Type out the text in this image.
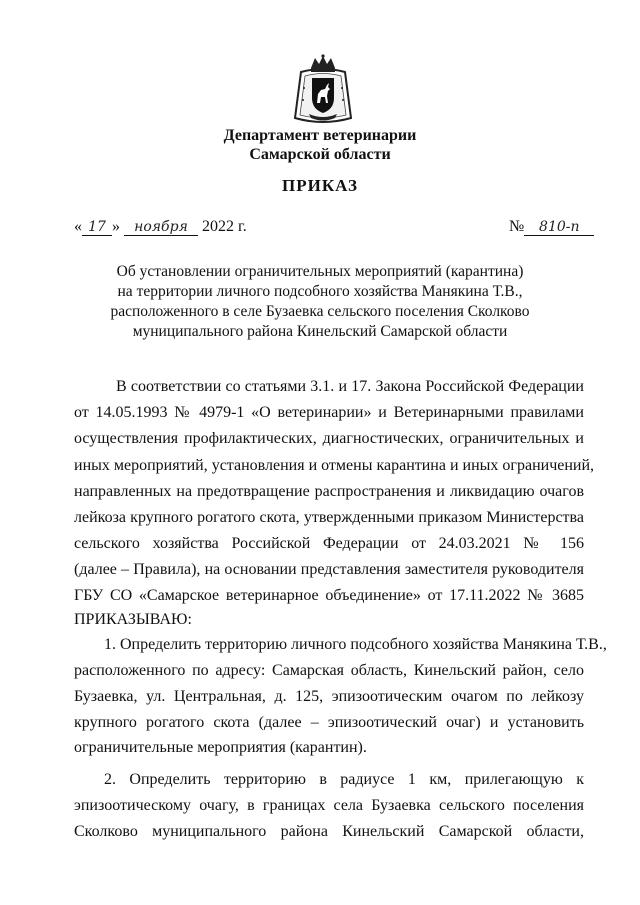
Департамент ветеринарии
Самарской области
ПРИКАЗ
« 17 » ноября 2022 г.	№ 810-п
Об установлении ограничительных мероприятий (карантина)
на территории личного подсобного хозяйства Манякина Т.В.,
расположенного в селе Бузаевка сельского поселения Сколково
муниципального района Кинельский Самарской области
В соответствии со статьями 3.1. и 17. Закона Российской Федерации
от 14.05.1993 № 4979-1 «О ветеринарии» и Ветеринарными правилами
осуществления профилактических, диагностических, ограничительных и
иных мероприятий, установления и отмены карантина и иных ограничений,
направленных на предотвращение распространения и ликвидацию очагов
лейкоза крупного рогатого скота, утвержденными приказом Министерства
сельского хозяйства Российской Федерации от 24.03.2021 № 156
(далее – Правила), на основании представления заместителя руководителя
ГБУ СО «Самарское ветеринарное объединение» от 17.11.2022 № 3685
ПРИКАЗЫВАЮ:
1. Определить территорию личного подсобного хозяйства Манякина Т.В.,
расположенного по адресу: Самарская область, Кинельский район, село
Бузаевка, ул. Центральная, д. 125, эпизоотическим очагом по лейкозу
крупного рогатого скота (далее – эпизоотический очаг) и установить
ограничительные мероприятия (карантин).
2. Определить территорию в радиусе 1 км, прилегающую к
эпизоотическому очагу, в границах села Бузаевка сельского поселения
Сколково муниципального района Кинельский Самарской области,
